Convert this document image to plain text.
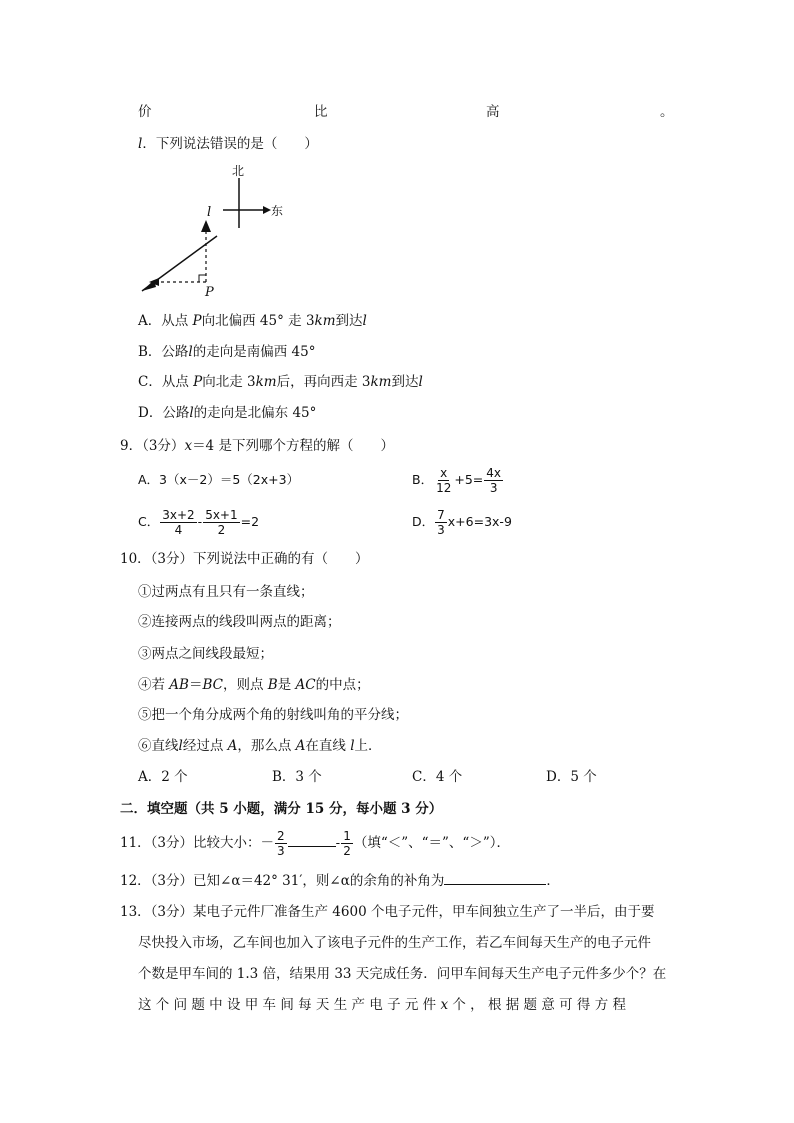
价	比	高	。
l．下列说法错误的是（　　）
北
东
l
P
A．从点 P向北偏西 45° 走 3km到达l
B．公路l的走向是南偏西 45°
C．从点 P向北走 3km后，再向西走 3km到达l
D．公路l的走向是北偏东 45°
9．（3分）x＝4 是下列哪个方程的解（　　）
A．3（x－2）＝5（2x+3）	B． $\frac{x}{12} +5= \frac{4x}{3}$
C． $\frac{3x+2}{4} - \frac{5x+1}{2} =2$	D． $\frac{7}{3} x+6=3x-9$
10．（3分）下列说法中正确的有（　　）
①过两点有且只有一条直线；
②连接两点的线段叫两点的距离；
③两点之间线段最短；
④若 AB＝BC，则点 B是 AC的中点；
⑤把一个角分成两个角的射线叫角的平分线；
⑥直线l经过点 A，那么点 A在直线 l上．
A．2 个	B．3 个	C．4 个	D．5 个
二．填空题（共 5 小题，满分 15 分，每小题 3 分）
11．（3分）比较大小：－ $\frac{2}{3}$	- $\frac{1}{2}$ （填“＜”、“＝”、“＞”）．
12．（3分）已知∠α＝42° 31′，则∠α的余角的补角为	．
13．（3分）某电子元件厂准备生产 4600 个电子元件，甲车间独立生产了一半后，由于要
尽快投入市场，乙车间也加入了该电子元件的生产工作，若乙车间每天生产的电子元件
个数是甲车间的 1.3 倍，结果用 33 天完成任务．问甲车间每天生产电子元件多少个？在
这 个 问 题 中 设 甲 车 间 每 天 生 产 电 子 元 件 x 个 ， 根 据 题 意 可 得 方 程
